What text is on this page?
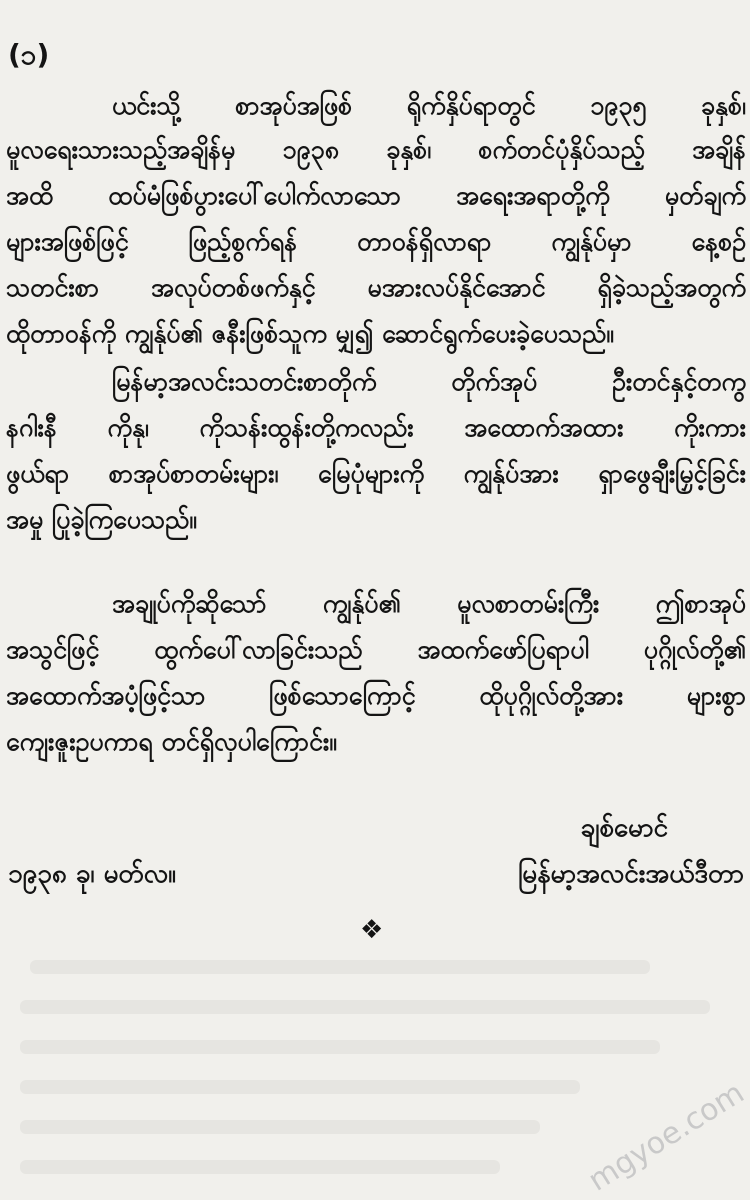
(၁)
ယင်းသို့ စာအုပ်အဖြစ် ရိုက်နှိပ်ရာတွင် ၁၉၃၅ ခုနှစ်၊
မူလရေးသားသည့်အချိန်မှ ၁၉၃၈ ခုနှစ်၊ စက်တင်ပုံနှိပ်သည့် အချိန်
အထိ ထပ်မံဖြစ်ပွားပေါ်ပေါက်လာသော အရေးအရာတို့ကို မှတ်ချက်
များအဖြစ်ဖြင့် ဖြည့်စွက်ရန် တာဝန်ရှိလာရာ ကျွန်ုပ်မှာ နေ့စဉ်
သတင်းစာ အလုပ်တစ်ဖက်နှင့် မအားလပ်နိုင်အောင် ရှိခဲ့သည့်အတွက်
ထိုတာဝန်ကို ကျွန်ုပ်၏ ဇနီးဖြစ်သူက မျှ၍ ဆောင်ရွက်ပေးခဲ့ပေသည်။
မြန်မာ့အလင်းသတင်းစာတိုက် တိုက်အုပ် ဦးတင်နှင့်တကွ
နဂါးနီ ကိုနု၊ ကိုသန်းထွန်းတို့ကလည်း အထောက်အထား ကိုးကား
ဖွယ်ရာ စာအုပ်စာတမ်းများ၊ မြေပုံများကို ကျွန်ုပ်အား ရှာဖွေချီးမြှင့်ခြင်း
အမှု ပြုခဲ့ကြပေသည်။
အချုပ်ကိုဆိုသော် ကျွန်ုပ်၏ မူလစာတမ်းကြီး ဤစာအုပ်
အသွင်ဖြင့် ထွက်ပေါ်လာခြင်းသည် အထက်ဖော်ပြရာပါ ပုဂ္ဂိုလ်တို့၏
အထောက်အပံ့ဖြင့်သာ ဖြစ်သောကြောင့် ထိုပုဂ္ဂိုလ်တို့အား များစွာ
ကျေးဇူးဥပကာရ တင်ရှိလှပါကြောင်း။
ချစ်မောင်
၁၉၃၈ ခု၊ မတ်လ။	မြန်မာ့အလင်းအယ်ဒီတာ
❖
mgyoe.com
